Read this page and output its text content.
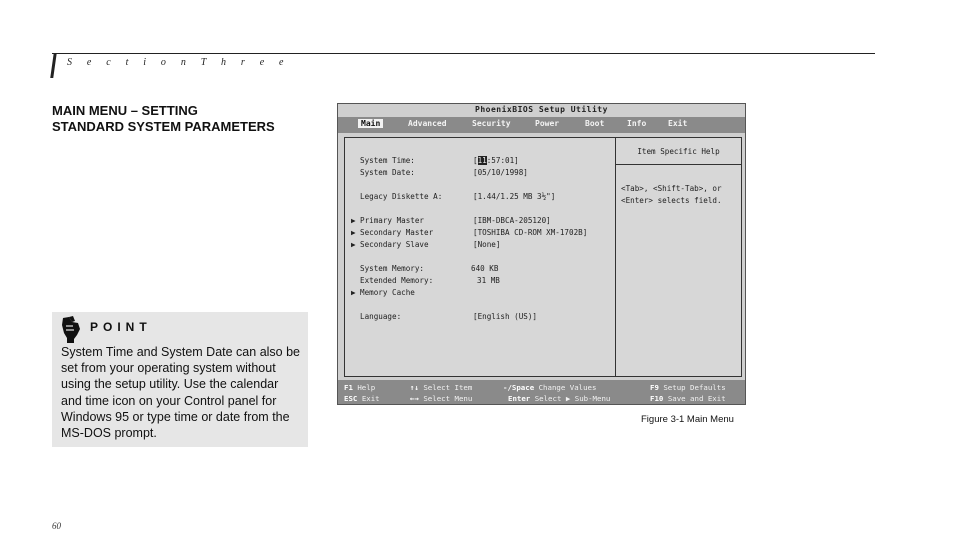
S e c t i o n T h r e e
MAIN MENU – SETTING
STANDARD SYSTEM PARAMETERS
POINT
System Time and System Date can also be set from your operating system without using the setup utility. Use the calendar and time icon on your Control panel for Windows 95 or type time or date from the MS-DOS prompt.
PhoenixBIOS Setup Utility
Main	Advanced	Security	Power	Boot	Info	Exit
System Time:	[11:57:01]
System Date:	[05/10/1998]
Legacy Diskette A:	[1.44/1.25 MB 3½"]
▶ Primary Master	[IBM-DBCA-205120]
▶ Secondary Master	[TOSHIBA CD-ROM XM-1702B]
▶ Secondary Slave	[None]
System Memory:	640 KB
Extended Memory:	31 MB
▶ Memory Cache
Language:	[English (US)]
Item Specific Help
<Tab>, <Shift-Tab>, or
<Enter> selects field.
F1 Help	↑↓ Select Item	-/Space Change Values	F9 Setup Defaults
ESC Exit	←→ Select Menu	Enter Select ▶ Sub-Menu	F10 Save and Exit
Figure 3-1 Main Menu
60
